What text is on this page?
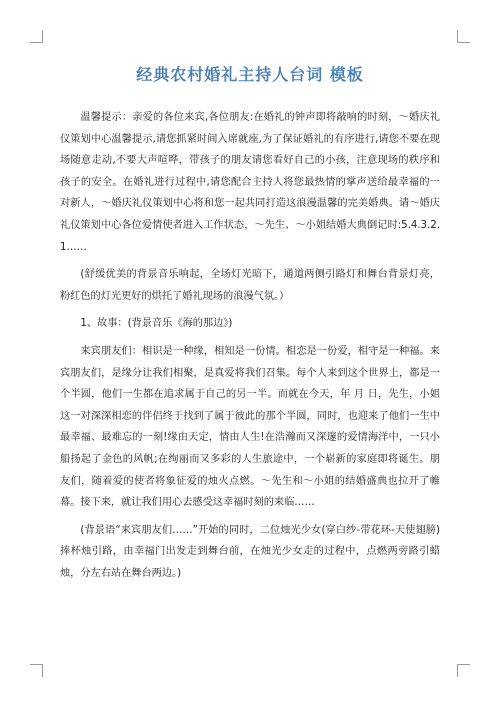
经典农村婚礼主持人台词 模板

温馨提示：亲爱的各位来宾,各位朋友:在婚礼的钟声即将敲响的时刻，～婚庆礼仪策划中心温馨提示,请您抓紧时间入席就座,为了保证婚礼的有序进行,请您不要在现场随意走动,不要大声喧哗，带孩子的朋友请您看好自己的小孩，注意现场的秩序和孩子的安全。在婚礼进行过程中,请您配合主持人将您最热情的掌声送给最幸福的一对新人，～婚庆礼仪策划中心将和您一起共同打造这浪漫温馨的完美婚典。请～婚庆礼仪策划中心各位爱情使者进入工作状态，～先生、～小姐结婚大典倒记时:5.4.3.2.1……

(舒缓优美的背景音乐响起，全场灯光暗下，通道两侧引路灯和舞台背景灯亮，粉红色的灯光更好的烘托了婚礼现场的浪漫气氛。）

1、故事：(背景音乐《海的那边》)

来宾朋友们：相识是一种缘，相知是一份情。相恋是一份爱，相守是一种福。来宾朋友们，是缘分让我们相聚，是真爱将我们召集。每个人来到这个世界上，都是一个半圆，他们一生都在追求属于自己的另一半。而就在今天，年 月 日，先生，小姐这一对深深相恋的伴侣终于找到了属于彼此的那个半圆，同时，也迎来了他们一生中最幸福、最难忘的一刻!缘由天定，情由人生!在浩瀚而又深邃的爱情海洋中，一只小船扬起了金色的风帆;在绚丽而又多彩的人生旅途中，一个崭新的家庭即将诞生。朋友们，随着爱的使者将象征爱的烛火点燃。～先生和～小姐的结婚盛典也拉开了帷幕。接下来，就让我们用心去感受这幸福时刻的来临……

(背景语“来宾朋友们……”开始的同时，二位烛光少女(穿白纱-带花环-天使翅膀)捧杯烛引路，由幸福门出发走到舞台前，在烛光少女走的过程中，点燃两旁路引蜡烛，分左右站在舞台两边。)
